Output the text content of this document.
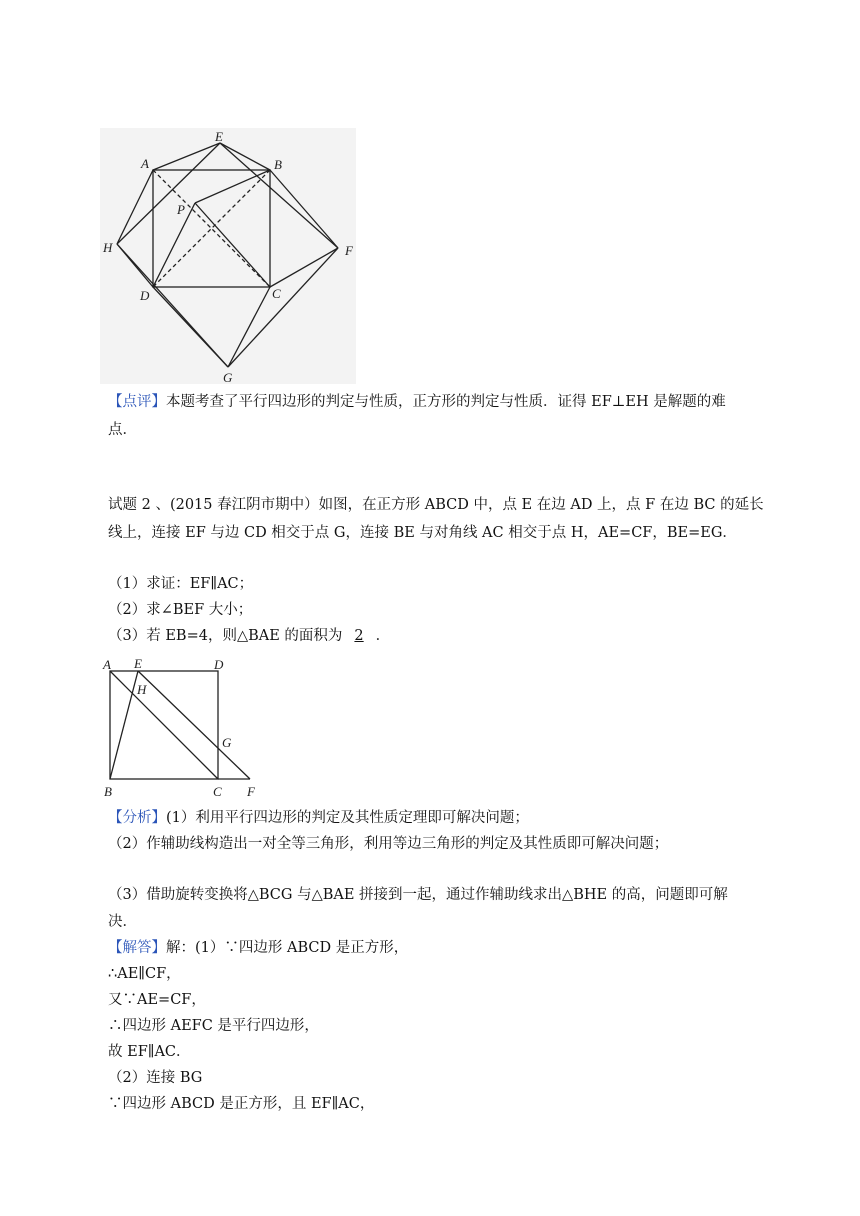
E
A	B
P
H	F
D	C
G
【点评】本题考查了平行四边形的判定与性质，正方形的判定与性质．证得 EF⊥EH 是解题的难
点．
试题 2 、(2015 春江阴市期中）如图，在正方形 ABCD 中，点 E 在边 AD 上，点 F 在边 BC 的延长
线上，连接 EF 与边 CD 相交于点 G，连接 BE 与对角线 AC 相交于点 H，AE=CF，BE=EG．
（1）求证：EF∥AC；
（2）求∠BEF 大小；
（3）若 EB=4，则△BAE 的面积为 2 ．
A E	D
H
G
B	C F
【分析】(1）利用平行四边形的判定及其性质定理即可解决问题；
（2）作辅助线构造出一对全等三角形，利用等边三角形的判定及其性质即可解决问题；
（3）借助旋转变换将△BCG 与△BAE 拼接到一起，通过作辅助线求出△BHE 的高，问题即可解
决．
【解答】解：(1）∵四边形 ABCD 是正方形，
∴AE∥CF，
又∵AE=CF，
∴四边形 AEFC 是平行四边形，
故 EF∥AC．
（2）连接 BG
∵四边形 ABCD 是正方形，且 EF∥AC，
